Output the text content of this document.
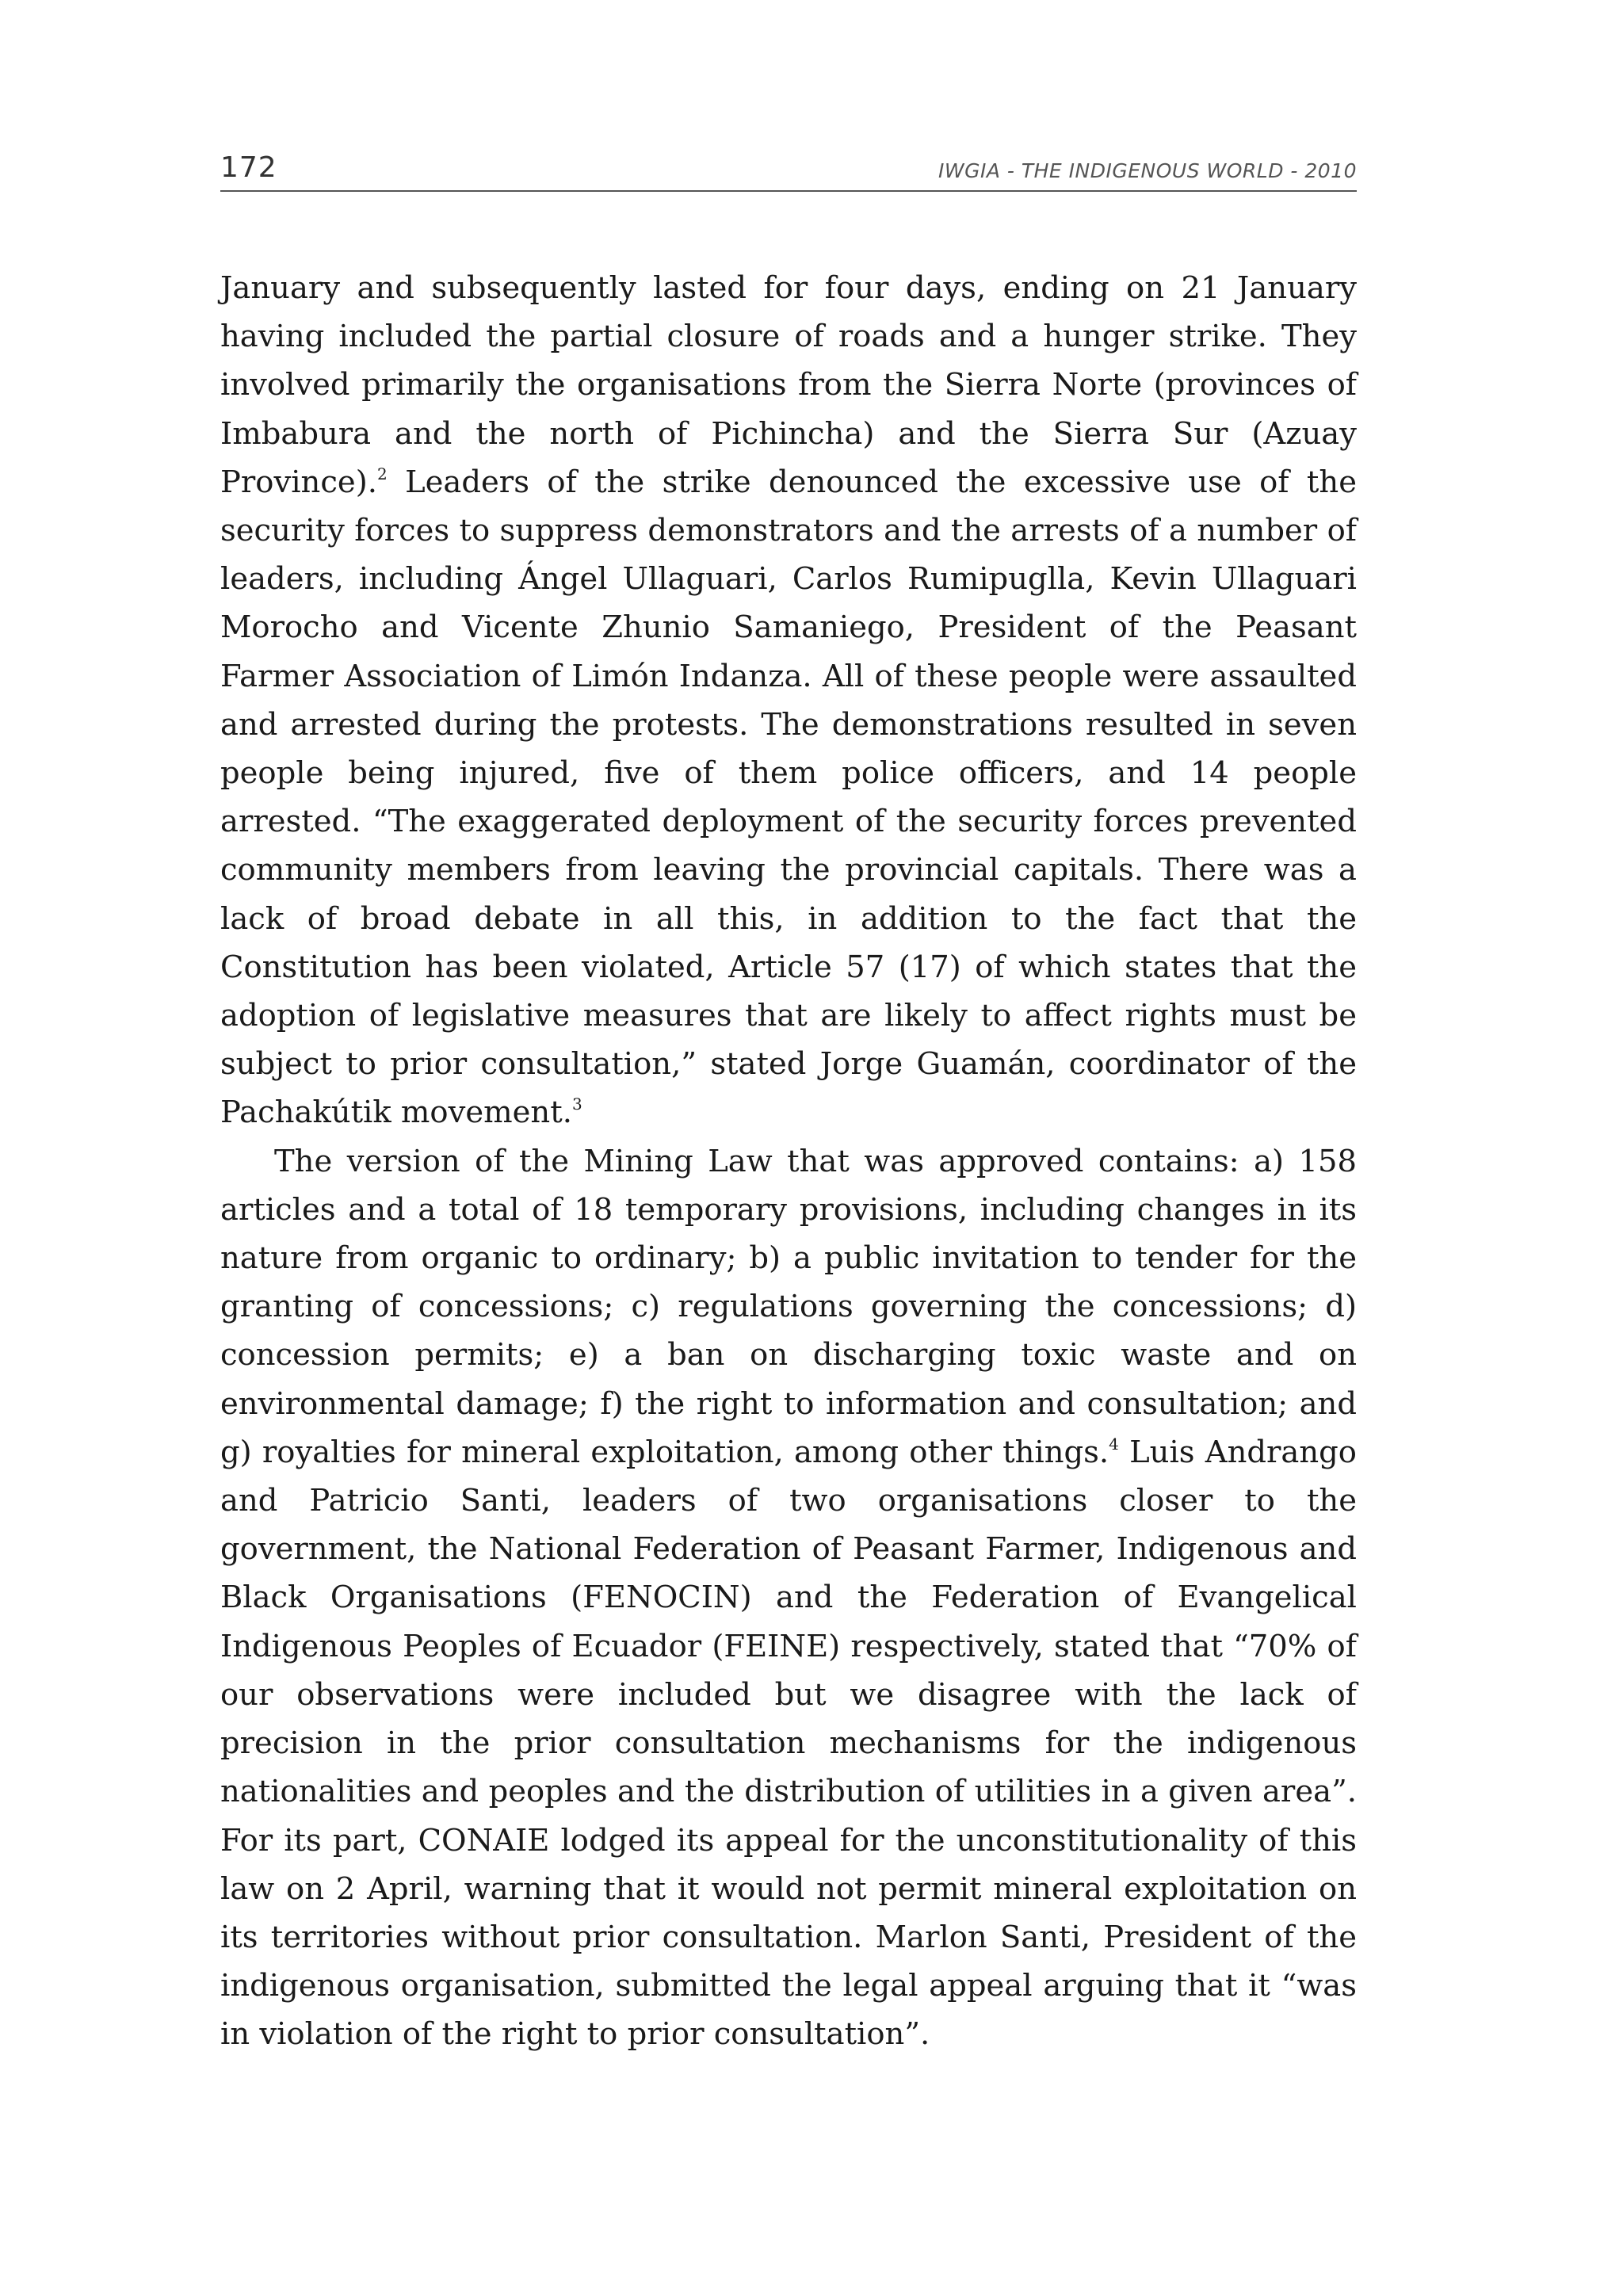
172	IWGIA - THE INDIGENOUS WORLD - 2010

January and subsequently lasted for four days, ending on 21 January having included the partial closure of roads and a hunger strike. They involved primarily the organisations from the Sierra Norte (provinces of Imbabura and the north of Pichincha) and the Sierra Sur (Azuay Province).$^2$ Leaders of the strike denounced the excessive use of the security forces to suppress demonstrators and the arrests of a number of leaders, including Ángel Ullaguari, Carlos Rumipuglla, Kevin Ullaguari Morocho and Vicente Zhunio Samaniego, President of the Peasant Farmer Association of Limón Indanza. All of these people were assaulted and arrested during the protests. The demonstrations resulted in seven people being injured, five of them police officers, and 14 people arrested. “The exaggerated deployment of the security forces prevented community members from leaving the provincial capitals. There was a lack of broad debate in all this, in addition to the fact that the Constitution has been violated, Article 57 (17) of which states that the adoption of legislative measures that are likely to affect rights must be subject to prior consultation,” stated Jorge Guamán, coordinator of the Pachakútik movement.$^3$

The version of the Mining Law that was approved contains: a) 158 articles and a total of 18 temporary provisions, including changes in its nature from organic to ordinary; b) a public invitation to tender for the granting of concessions; c) regulations governing the concessions; d) concession permits; e) a ban on discharging toxic waste and on environmental damage; f) the right to information and consultation; and g) royalties for mineral exploitation, among other things.$^4$ Luis Andrango and Patricio Santi, leaders of two organisations closer to the government, the National Federation of Peasant Farmer, Indigenous and Black Organisations (FENOCIN) and the Federation of Evangelical Indigenous Peoples of Ecuador (FEINE) respectively, stated that “70% of our observations were included but we disagree with the lack of precision in the prior consultation mechanisms for the indigenous nationalities and peoples and the distribution of utilities in a given area”. For its part, CONAIE lodged its appeal for the unconstitutionality of this law on 2 April, warning that it would not permit mineral exploitation on its territories without prior consultation. Marlon Santi, President of the indigenous organisation, submitted the legal appeal arguing that it “was in violation of the right to prior consultation”.
